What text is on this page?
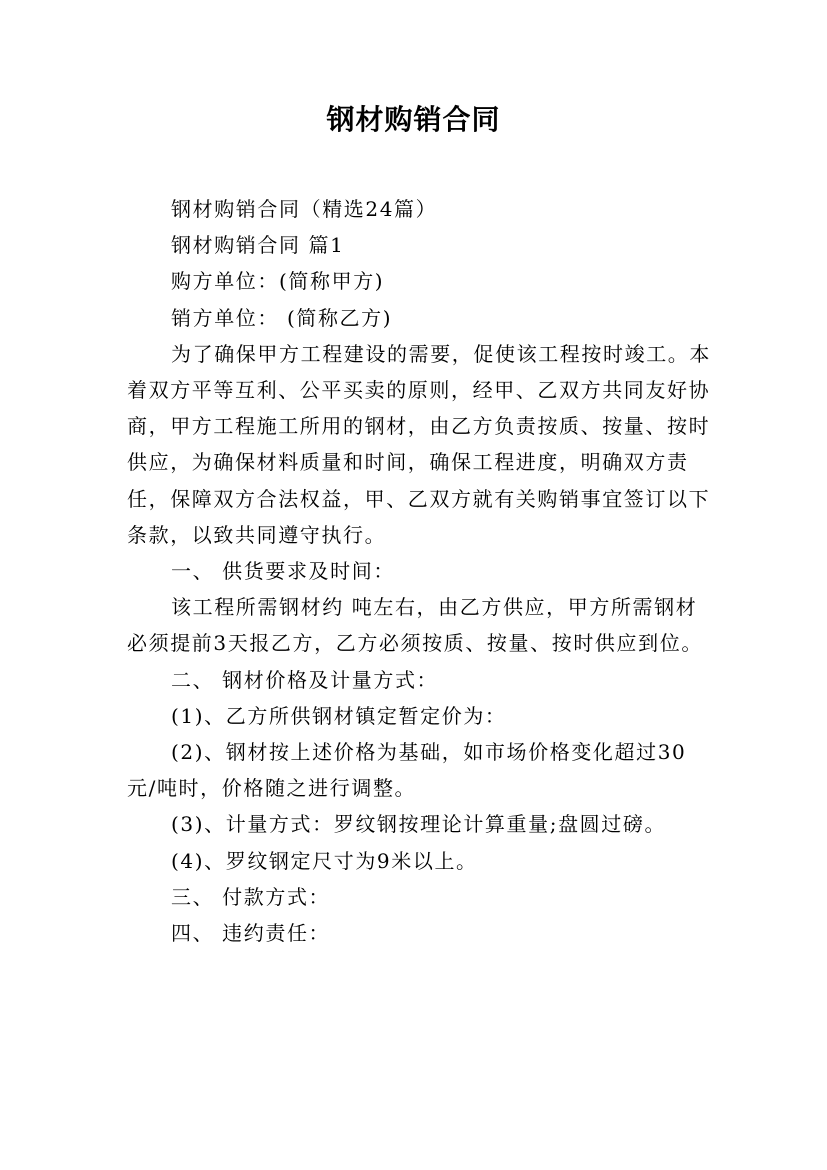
钢材购销合同

钢材购销合同（精选24篇）

钢材购销合同 篇1

购方单位：(简称甲方)

销方单位： (简称乙方)

为了确保甲方工程建设的需要，促使该工程按时竣工。本着双方平等互利、公平买卖的原则，经甲、乙双方共同友好协商，甲方工程施工所用的钢材，由乙方负责按质、按量、按时供应，为确保材料质量和时间，确保工程进度，明确双方责任，保障双方合法权益，甲、乙双方就有关购销事宜签订以下条款，以致共同遵守执行。

一、 供货要求及时间：

该工程所需钢材约 吨左右，由乙方供应，甲方所需钢材必须提前3天报乙方，乙方必须按质、按量、按时供应到位。

二、 钢材价格及计量方式：

(1)、乙方所供钢材镇定暂定价为：

(2)、钢材按上述价格为基础，如市场价格变化超过30元/吨时，价格随之进行调整。

(3)、计量方式：罗纹钢按理论计算重量;盘圆过磅。

(4)、罗纹钢定尺寸为9米以上。

三、 付款方式：

四、 违约责任：
